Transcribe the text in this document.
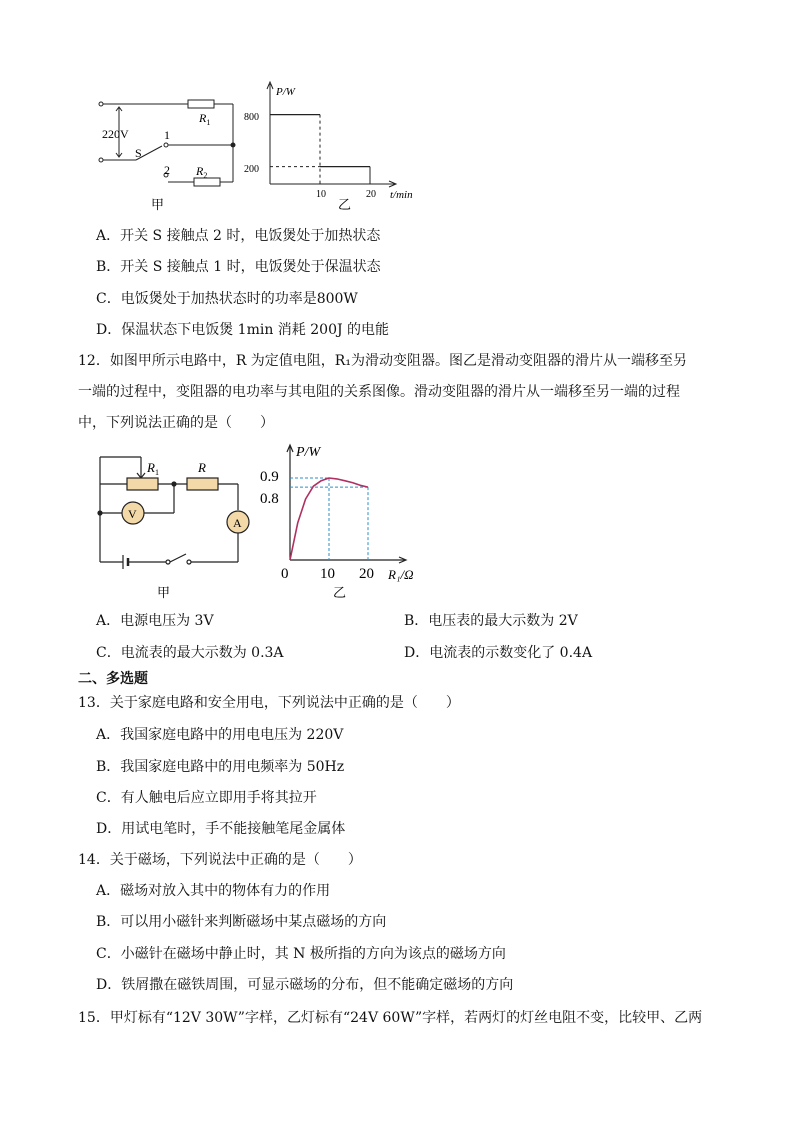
220V
S
1
2
$R_1$
$R_2$
甲
P/W
800
200
10	20 t/min
乙
A．开关 S 接触点 2 时，电饭煲处于加热状态
B．开关 S 接触点 1 时，电饭煲处于保温状态
C．电饭煲处于加热状态时的功率是800W
D．保温状态下电饭煲 1min 消耗 200J 的电能
12．如图甲所示电路中，R 为定值电阻，R₁为滑动变阻器。图乙是滑动变阻器的滑片从一端移至另
一端的过程中，变阻器的电功率与其电阻的关系图像。滑动变阻器的滑片从一端移至另一端的过程
中，下列说法正确的是（　　）
$R_1$	R
V
A
甲
P/W
0.9
0.8
0 10 20 R₁/Ω
乙
A．电源电压为 3V	B．电压表的最大示数为 2V
C．电流表的最大示数为 0.3A	D．电流表的示数变化了 0.4A
二、多选题
13．关于家庭电路和安全用电，下列说法中正确的是（　　）
A．我国家庭电路中的用电电压为 220V
B．我国家庭电路中的用电频率为 50Hz
C．有人触电后应立即用手将其拉开
D．用试电笔时，手不能接触笔尾金属体
14．关于磁场，下列说法中正确的是（　　）
A．磁场对放入其中的物体有力的作用
B．可以用小磁针来判断磁场中某点磁场的方向
C．小磁针在磁场中静止时，其 N 极所指的方向为该点的磁场方向
D．铁屑撒在磁铁周围，可显示磁场的分布，但不能确定磁场的方向
15．甲灯标有“12V 30W”字样，乙灯标有“24V 60W”字样，若两灯的灯丝电阻不变，比较甲、乙两
